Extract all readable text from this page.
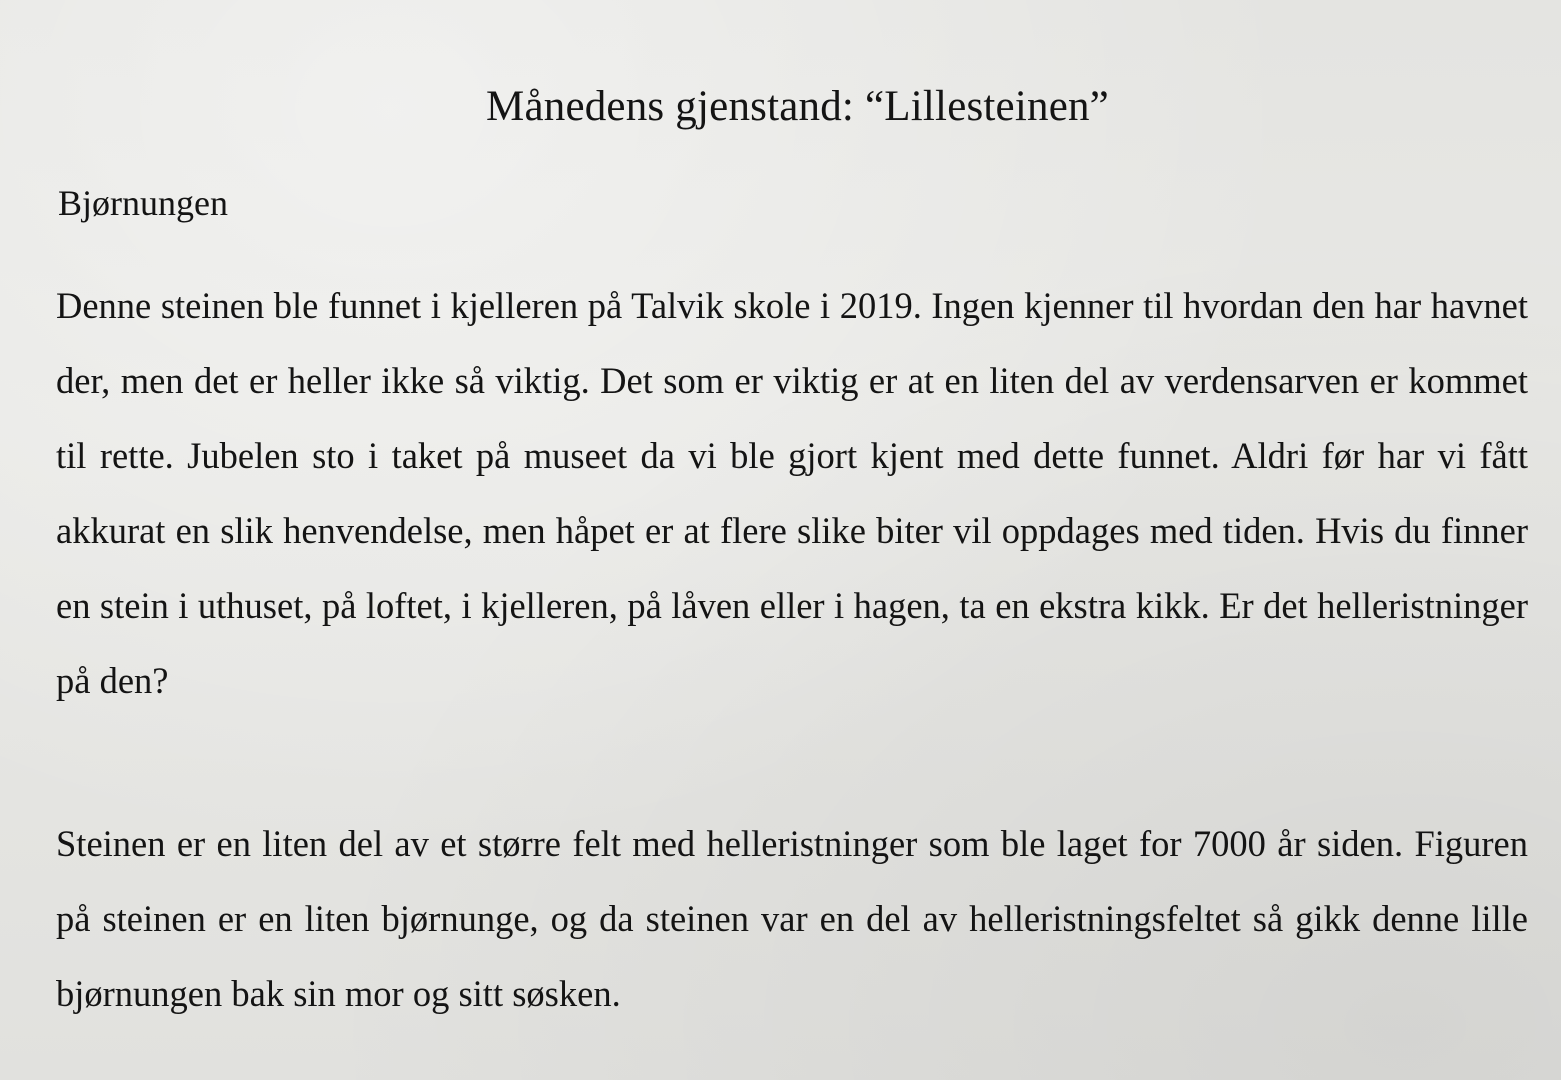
Månedens gjenstand: “Lillesteinen”
Bjørnungen

Denne steinen ble funnet i kjelleren på Talvik skole i 2019. Ingen kjenner til hvordan den har havnet der, men det er heller ikke så viktig. Det som er viktig er at en liten del av verdensarven er kommet til rette. Jubelen sto i taket på museet da vi ble gjort kjent med dette funnet. Aldri før har vi fått akkurat en slik henvendelse, men håpet er at flere slike biter vil oppdages med tiden. Hvis du finner en stein i uthuset, på loftet, i kjelleren, på låven eller i hagen, ta en ekstra kikk. Er det helleristninger på den?

Steinen er en liten del av et større felt med helleristninger som ble laget for 7000 år siden. Figuren på steinen er en liten bjørnunge, og da steinen var en del av helleristningsfeltet så gikk denne lille bjørnungen bak sin mor og sitt søsken.
